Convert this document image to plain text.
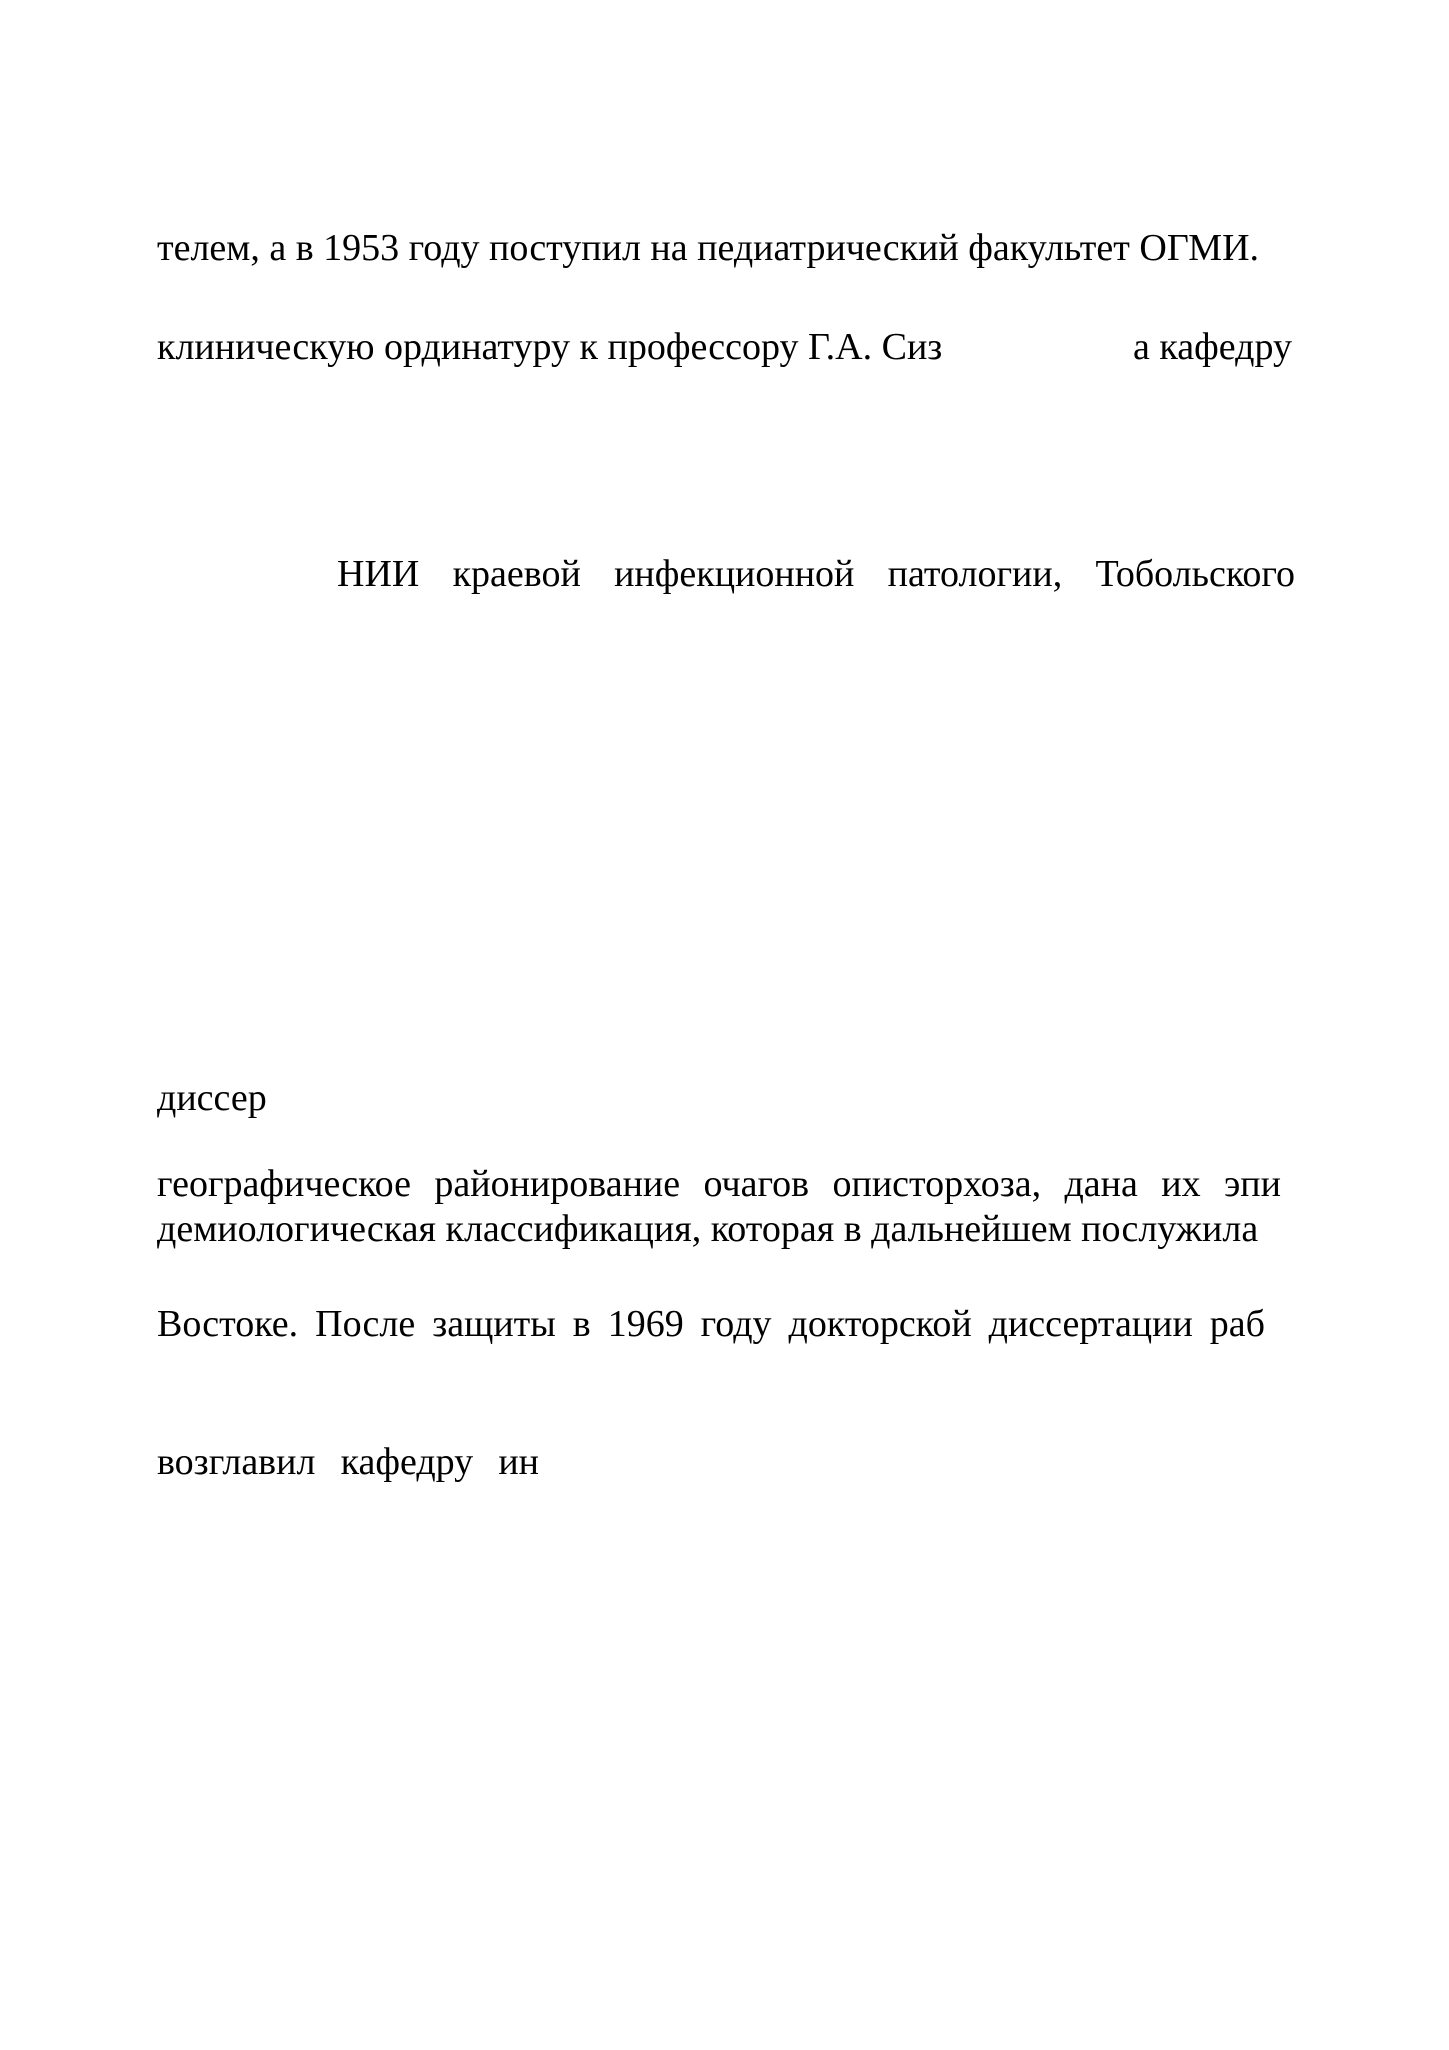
телем, а в 1953 году поступил на педиатрический факультет ОГМИ.

клиническую ординатуру к профессору Г.А. Сиз	а кафедру

НИИ краевой инфекционной патологии, Тобольского

диссер

географическое районирование очагов описторхоза, дана их эпи

демиологическая классификация, которая в дальнейшем послужила

Востоке. После защиты в 1969 году докторской диссертации раб
возглавил кафедру ин
